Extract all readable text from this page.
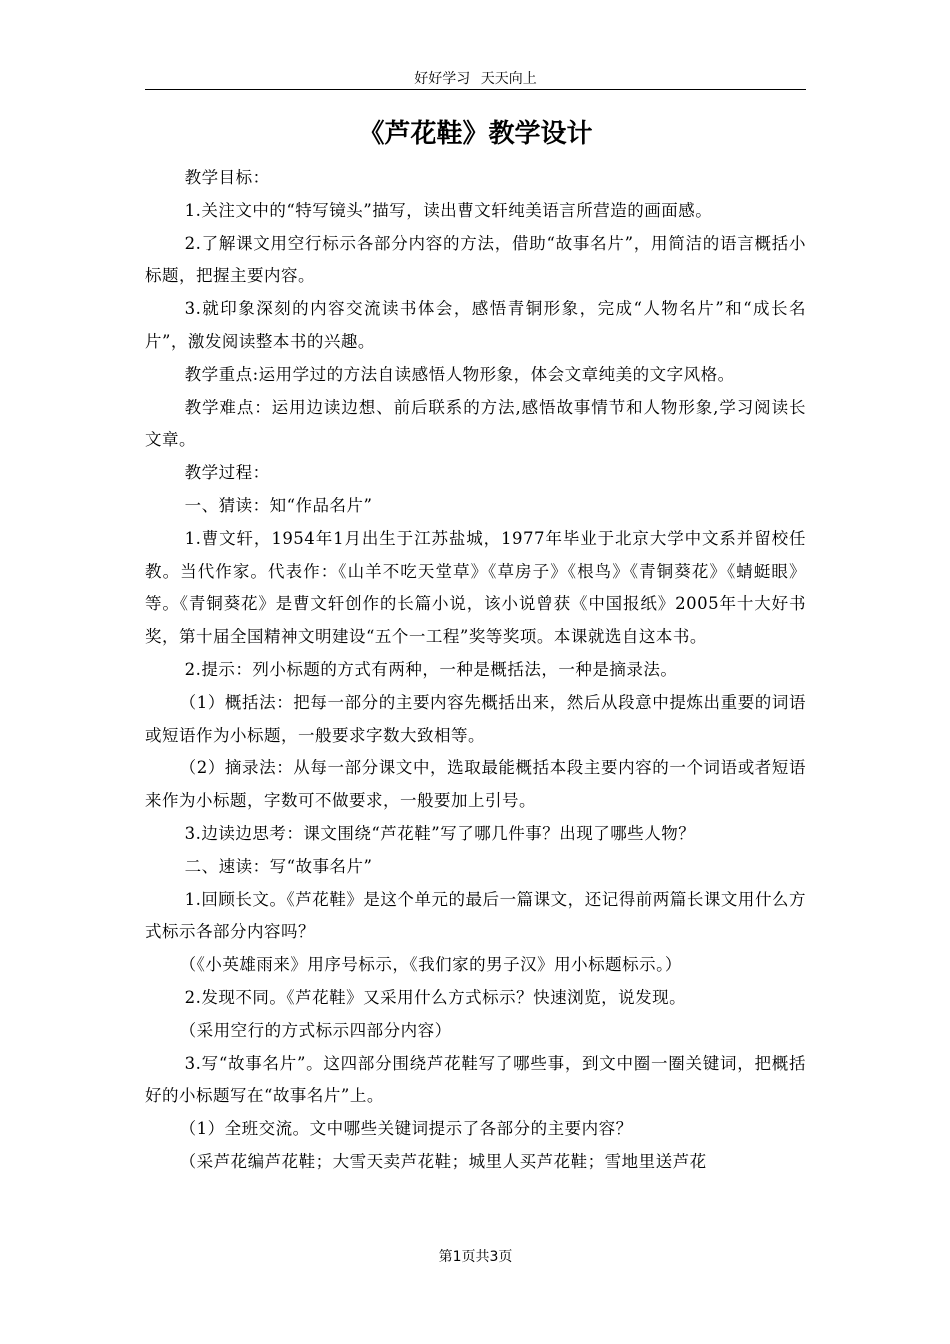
好好学习 天天向上
《芦花鞋》教学设计

教学目标：

1.关注文中的“特写镜头”描写，读出曹文轩纯美语言所营造的画面感。

2.了解课文用空行标示各部分内容的方法，借助“故事名片”，用简洁的语言概括小标题，把握主要内容。

3.就印象深刻的内容交流读书体会，感悟青铜形象，完成“人物名片”和“成长名片”，激发阅读整本书的兴趣。

教学重点:运用学过的方法自读感悟人物形象，体会文章纯美的文字风格。

教学难点：运用边读边想、前后联系的方法,感悟故事情节和人物形象,学习阅读长文章。

教学过程：

一、猜读：知“作品名片”

1.曹文轩，1954年1月出生于江苏盐城，1977年毕业于北京大学中文系并留校任教。当代作家。代表作：《山羊不吃天堂草》《草房子》《根鸟》《青铜葵花》《蜻蜓眼》等。《青铜葵花》是曹文轩创作的长篇小说，该小说曾获《中国报纸》2005年十大好书奖，第十届全国精神文明建设“五个一工程”奖等奖项。本课就选自这本书。

2.提示：列小标题的方式有两种，一种是概括法，一种是摘录法。

（1）概括法：把每一部分的主要内容先概括出来，然后从段意中提炼出重要的词语或短语作为小标题，一般要求字数大致相等。

（2）摘录法：从每一部分课文中，选取最能概括本段主要内容的一个词语或者短语来作为小标题，字数可不做要求，一般要加上引号。

3.边读边思考：课文围绕“芦花鞋”写了哪几件事？出现了哪些人物？

二、速读：写“故事名片”

1.回顾长文。《芦花鞋》是这个单元的最后一篇课文，还记得前两篇长课文用什么方式标示各部分内容吗？

（《小英雄雨来》用序号标示，《我们家的男子汉》用小标题标示。）

2.发现不同。《芦花鞋》又采用什么方式标示？快速浏览，说发现。

（采用空行的方式标示四部分内容）

3.写“故事名片”。这四部分围绕芦花鞋写了哪些事，到文中圈一圈关键词，把概括好的小标题写在“故事名片”上。

（1）全班交流。文中哪些关键词提示了各部分的主要内容？

（采芦花编芦花鞋；大雪天卖芦花鞋；城里人买芦花鞋；雪地里送芦花

第1页共3页
